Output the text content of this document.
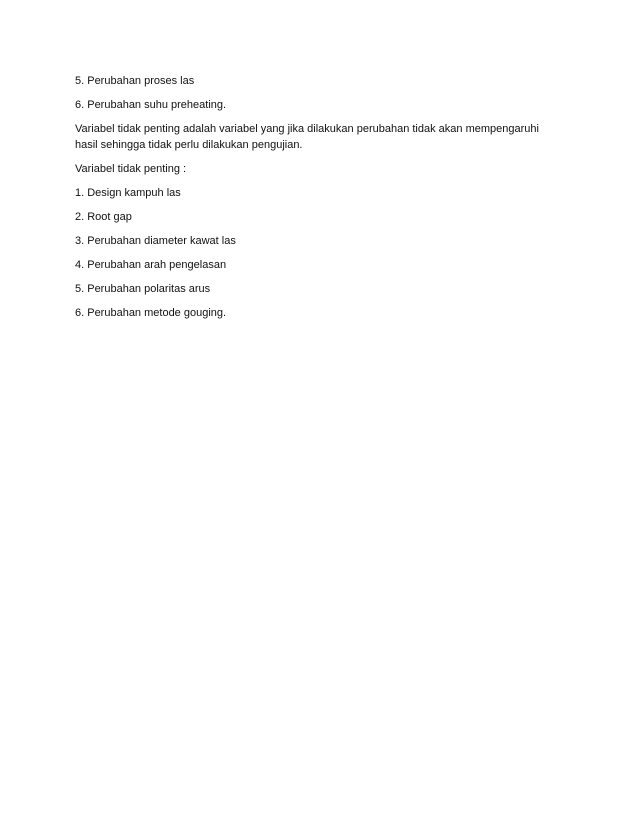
5. Perubahan proses las

6. Perubahan suhu preheating.

Variabel tidak penting adalah variabel yang jika dilakukan perubahan tidak akan mempengaruhi hasil sehingga tidak perlu dilakukan pengujian.

Variabel tidak penting :

1. Design kampuh las

2. Root gap

3. Perubahan diameter kawat las

4. Perubahan arah pengelasan

5. Perubahan polaritas arus

6. Perubahan metode gouging.
